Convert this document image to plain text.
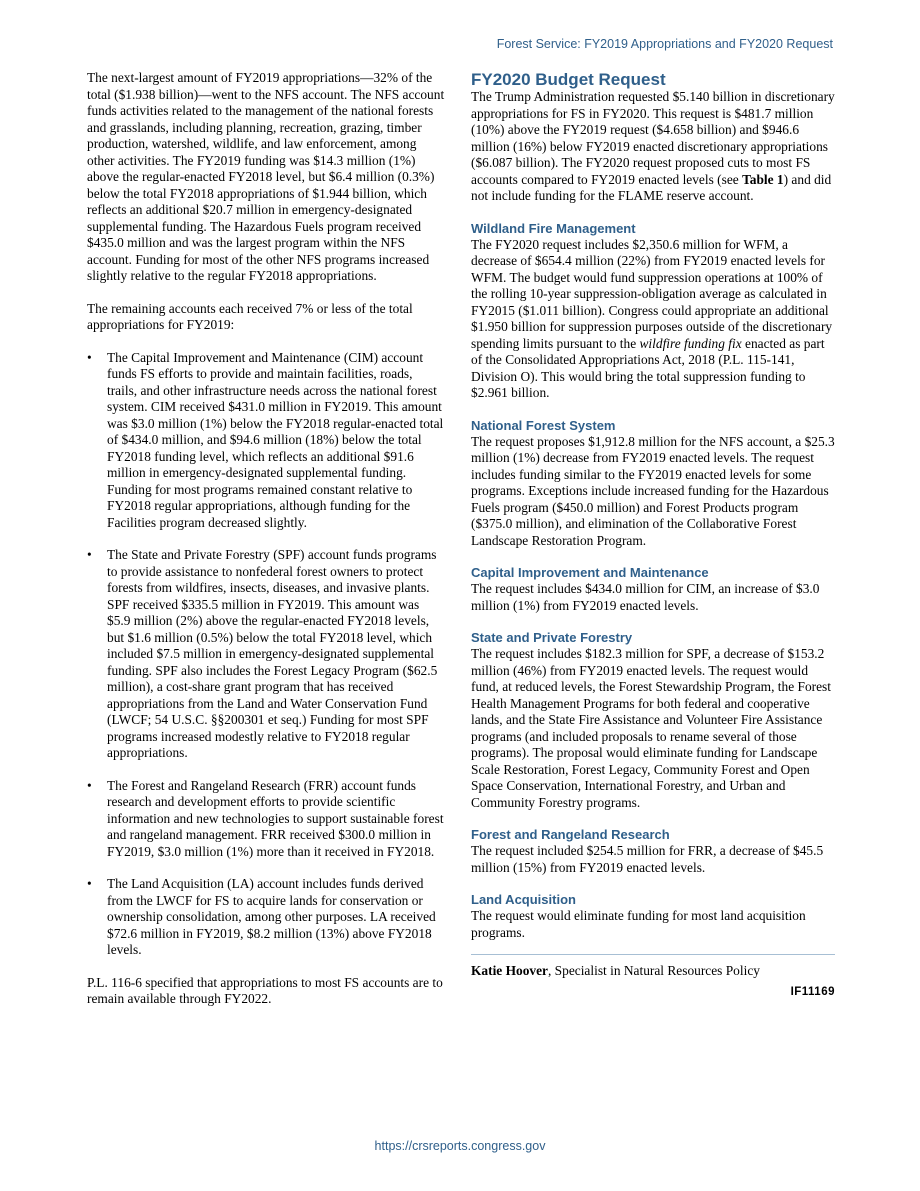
Forest Service: FY2019 Appropriations and FY2020 Request

The next-largest amount of FY2019 appropriations—32% of the total ($1.938 billion)—went to the NFS account. The NFS account funds activities related to the management of the national forests and grasslands, including planning, recreation, grazing, timber production, watershed, wildlife, and law enforcement, among other activities. The FY2019 funding was $14.3 million (1%) above the regular-enacted FY2018 level, but $6.4 million (0.3%) below the total FY2018 appropriations of $1.944 billion, which reflects an additional $20.7 million in emergency-designated supplemental funding. The Hazardous Fuels program received $435.0 million and was the largest program within the NFS account. Funding for most of the other NFS programs increased slightly relative to the regular FY2018 appropriations.

The remaining accounts each received 7% or less of the total appropriations for FY2019:

• The Capital Improvement and Maintenance (CIM) account funds FS efforts to provide and maintain facilities, roads, trails, and other infrastructure needs across the national forest system. CIM received $431.0 million in FY2019. This amount was $3.0 million (1%) below the FY2018 regular-enacted total of $434.0 million, and $94.6 million (18%) below the total FY2018 funding level, which reflects an additional $91.6 million in emergency-designated supplemental funding. Funding for most programs remained constant relative to FY2018 regular appropriations, although funding for the Facilities program decreased slightly.
• The State and Private Forestry (SPF) account funds programs to provide assistance to nonfederal forest owners to protect forests from wildfires, insects, diseases, and invasive plants. SPF received $335.5 million in FY2019. This amount was $5.9 million (2%) above the regular-enacted FY2018 levels, but $1.6 million (0.5%) below the total FY2018 level, which included $7.5 million in emergency-designated supplemental funding. SPF also includes the Forest Legacy Program ($62.5 million), a cost-share grant program that has received appropriations from the Land and Water Conservation Fund (LWCF; 54 U.S.C. §§200301 et seq.) Funding for most SPF programs increased modestly relative to FY2018 regular appropriations.
• The Forest and Rangeland Research (FRR) account funds research and development efforts to provide scientific information and new technologies to support sustainable forest and rangeland management. FRR received $300.0 million in FY2019, $3.0 million (1%) more than it received in FY2018.
• The Land Acquisition (LA) account includes funds derived from the LWCF for FS to acquire lands for conservation or ownership consolidation, among other purposes. LA received $72.6 million in FY2019, $8.2 million (13%) above FY2018 levels.

P.L. 116-6 specified that appropriations to most FS accounts are to remain available through FY2022.

FY2020 Budget Request

The Trump Administration requested $5.140 billion in discretionary appropriations for FS in FY2020. This request is $481.7 million (10%) above the FY2019 request ($4.658 billion) and $946.6 million (16%) below FY2019 enacted discretionary appropriations ($6.087 billion). The FY2020 request proposed cuts to most FS accounts compared to FY2019 enacted levels (see Table 1) and did not include funding for the FLAME reserve account.

Wildland Fire Management

The FY2020 request includes $2,350.6 million for WFM, a decrease of $654.4 million (22%) from FY2019 enacted levels for WFM. The budget would fund suppression operations at 100% of the rolling 10-year suppression-obligation average as calculated in FY2015 ($1.011 billion). Congress could appropriate an additional $1.950 billion for suppression purposes outside of the discretionary spending limits pursuant to the wildfire funding fix enacted as part of the Consolidated Appropriations Act, 2018 (P.L. 115-141, Division O). This would bring the total suppression funding to $2.961 billion.

National Forest System

The request proposes $1,912.8 million for the NFS account, a $25.3 million (1%) decrease from FY2019 enacted levels. The request includes funding similar to the FY2019 enacted levels for some programs. Exceptions include increased funding for the Hazardous Fuels program ($450.0 million) and Forest Products program ($375.0 million), and elimination of the Collaborative Forest Landscape Restoration Program.

Capital Improvement and Maintenance

The request includes $434.0 million for CIM, an increase of $3.0 million (1%) from FY2019 enacted levels.

State and Private Forestry

The request includes $182.3 million for SPF, a decrease of $153.2 million (46%) from FY2019 enacted levels. The request would fund, at reduced levels, the Forest Stewardship Program, the Forest Health Management Programs for both federal and cooperative lands, and the State Fire Assistance and Volunteer Fire Assistance programs (and included proposals to rename several of those programs). The proposal would eliminate funding for Landscape Scale Restoration, Forest Legacy, Community Forest and Open Space Conservation, International Forestry, and Urban and Community Forestry programs.

Forest and Rangeland Research

The request included $254.5 million for FRR, a decrease of $45.5 million (15%) from FY2019 enacted levels.

Land Acquisition

The request would eliminate funding for most land acquisition programs.

Katie Hoover, Specialist in Natural Resources Policy

IF11169
https://crsreports.congress.gov
